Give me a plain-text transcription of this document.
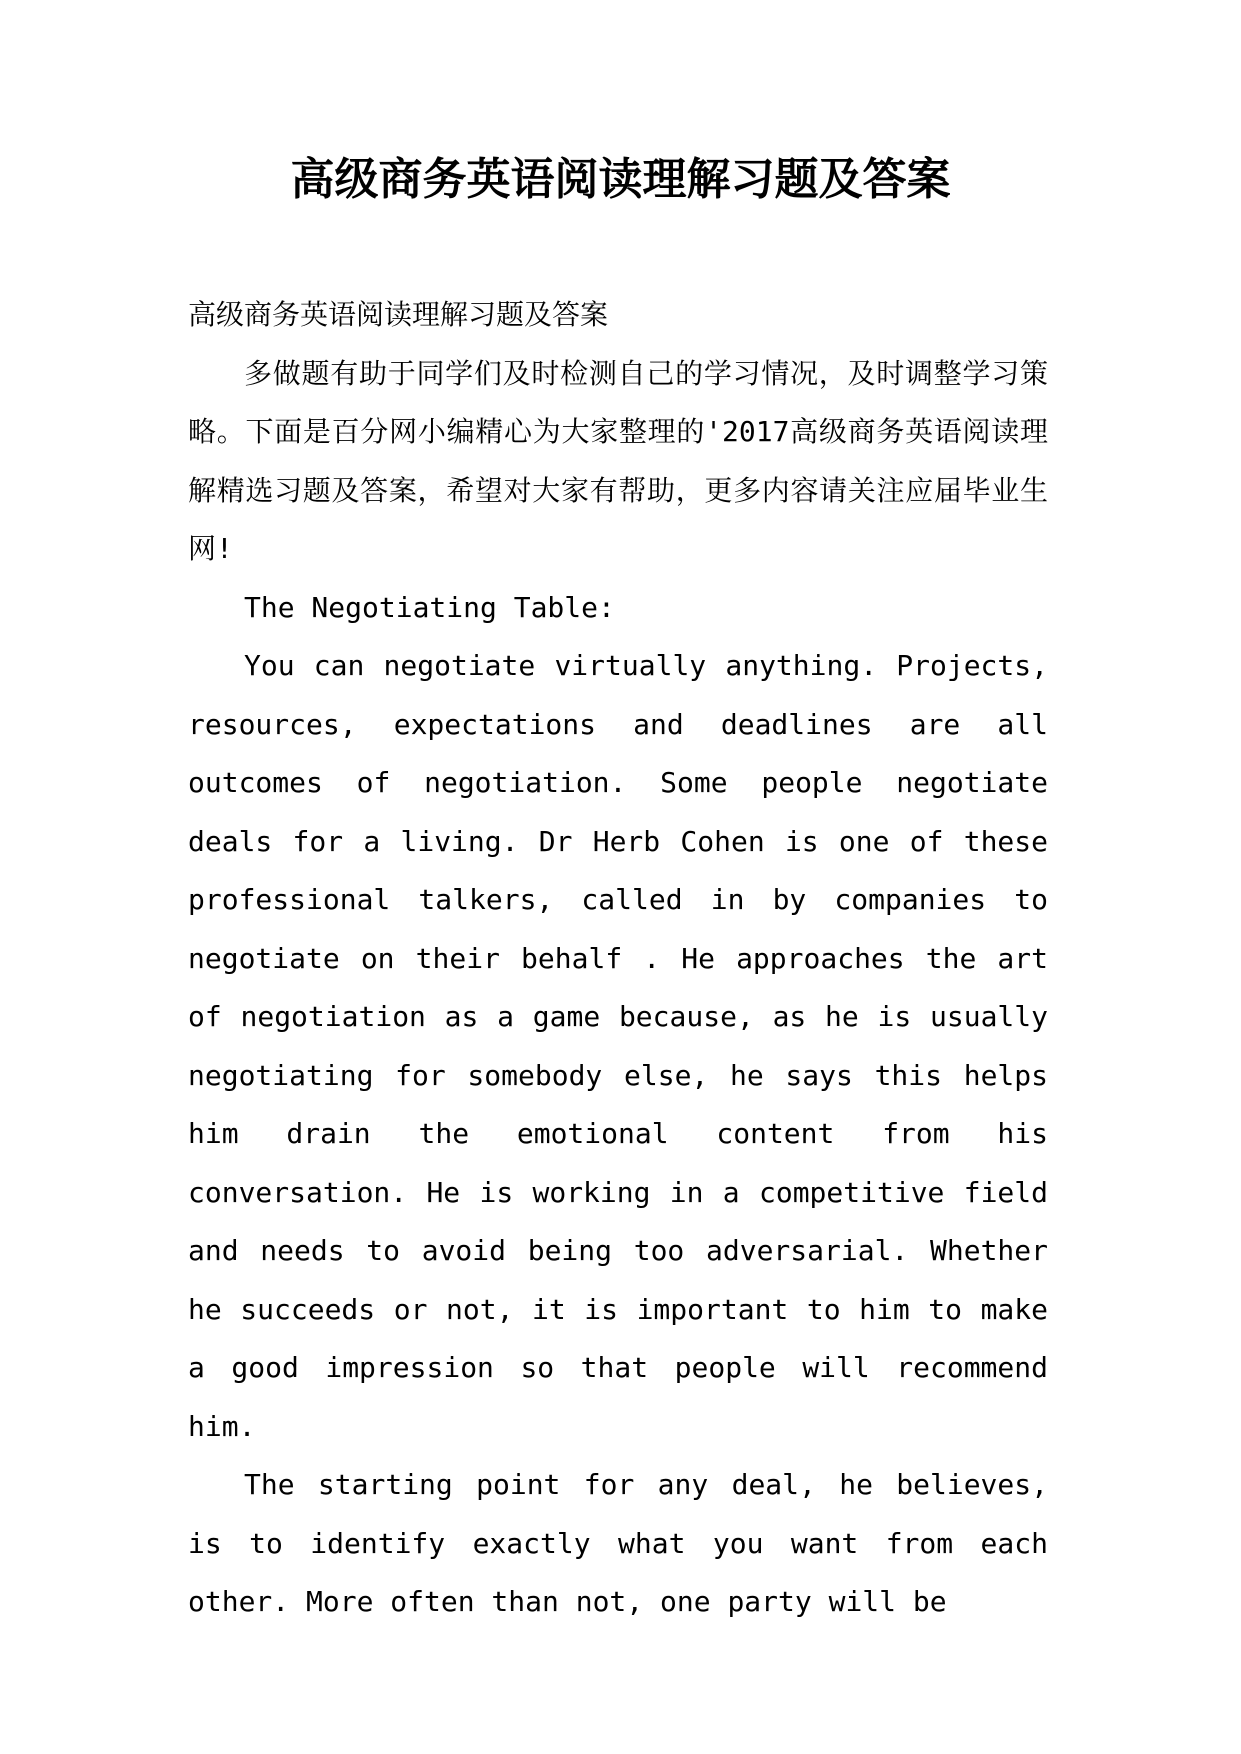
高级商务英语阅读理解习题及答案

高级商务英语阅读理解习题及答案

多做题有助于同学们及时检测自己的学习情况，及时调整学习策略。下面是百分网小编精心为大家整理的'2017高级商务英语阅读理解精选习题及答案，希望对大家有帮助，更多内容请关注应届毕业生网!

The Negotiating Table:

You can negotiate virtually anything. Projects, resources, expectations and deadlines are all outcomes of negotiation. Some people negotiate deals for a living. Dr Herb Cohen is one of these professional talkers, called in by companies to negotiate on their behalf . He approaches the art of negotiation as a game because, as he is usually negotiating for somebody else, he says this helps him drain the emotional content from his conversation. He is working in a competitive field and needs to avoid being too adversarial. Whether he succeeds or not, it is important to him to make a good impression so that people will recommend him.

The starting point for any deal, he believes, is to identify exactly what you want from each other. More often than not, one party will be
